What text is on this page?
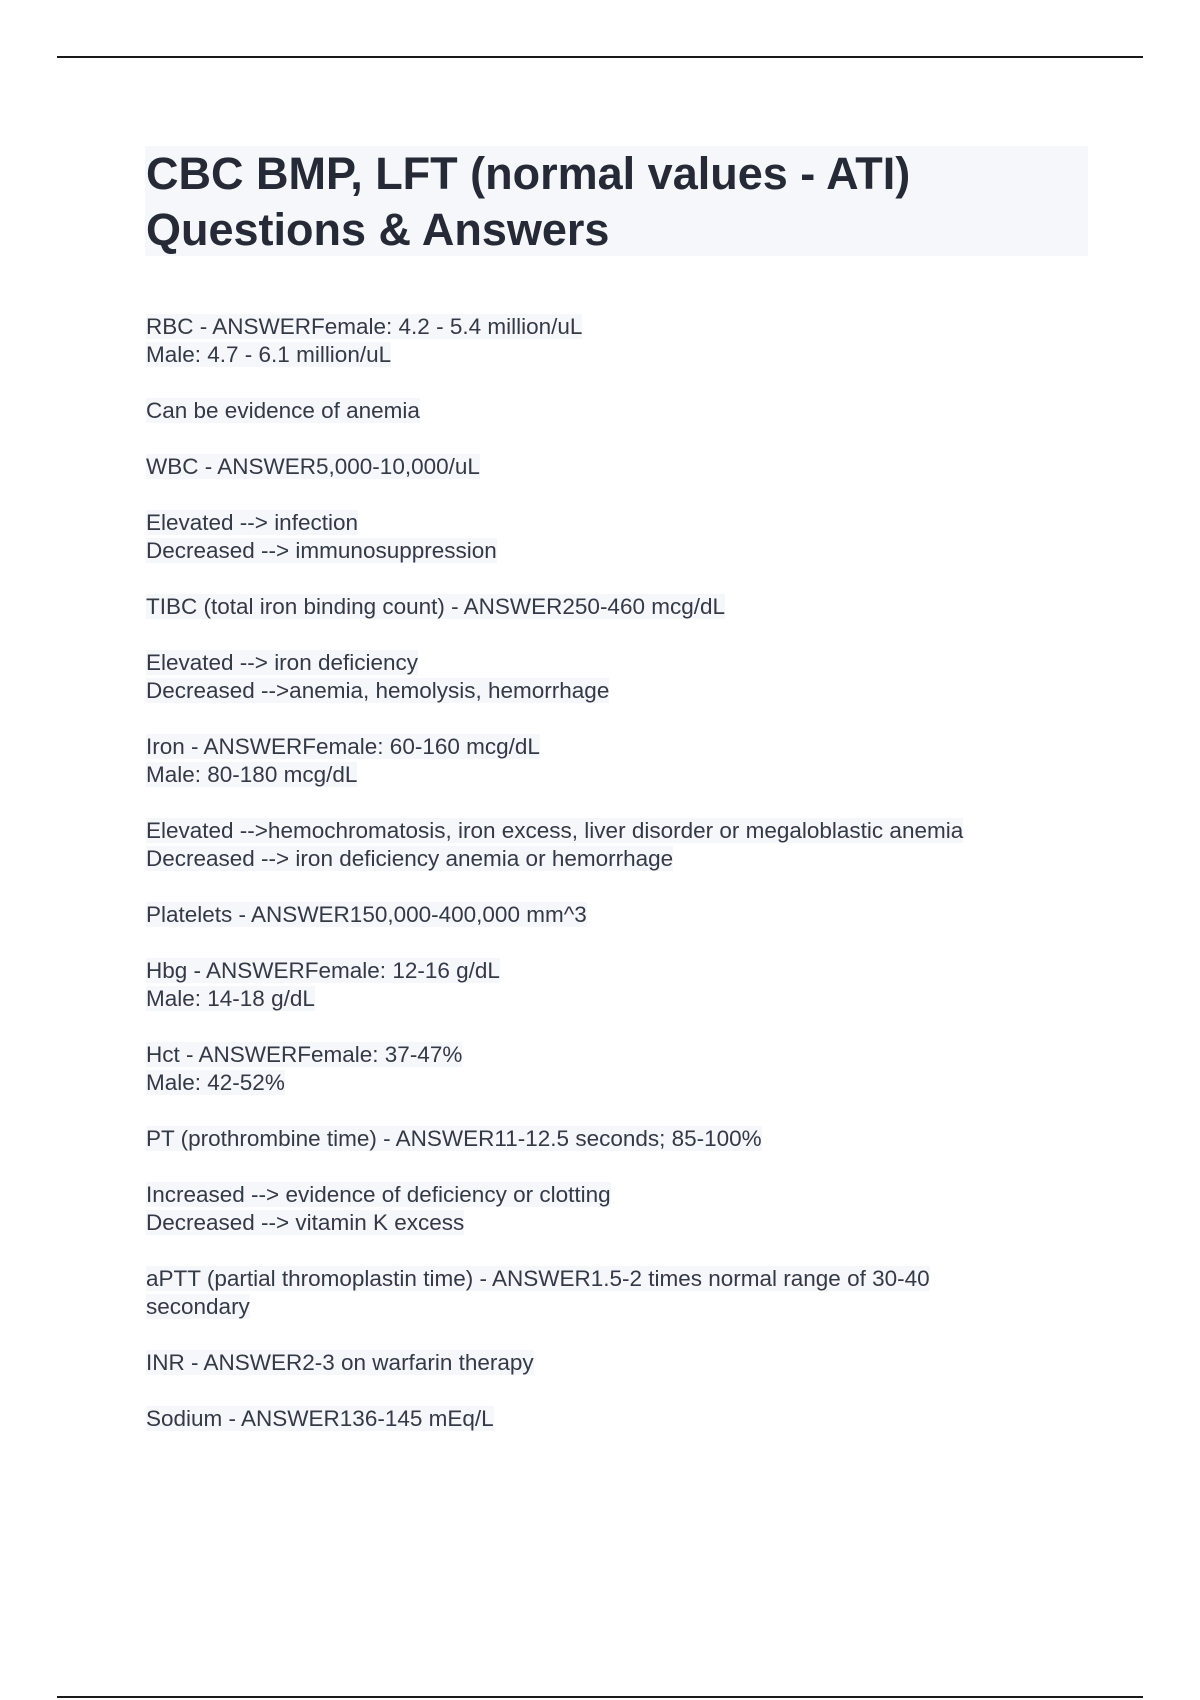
CBC BMP, LFT (normal values - ATI)
Questions & Answers

RBC - ANSWERFemale: 4.2 - 5.4 million/uL
Male: 4.7 - 6.1 million/uL

Can be evidence of anemia

WBC - ANSWER5,000-10,000/uL

Elevated --> infection
Decreased --> immunosuppression

TIBC (total iron binding count) - ANSWER250-460 mcg/dL

Elevated --> iron deficiency
Decreased -->anemia, hemolysis, hemorrhage

Iron - ANSWERFemale: 60-160 mcg/dL
Male: 80-180 mcg/dL

Elevated -->hemochromatosis, iron excess, liver disorder or megaloblastic anemia
Decreased --> iron deficiency anemia or hemorrhage

Platelets - ANSWER150,000-400,000 mm^3

Hbg - ANSWERFemale: 12-16 g/dL
Male: 14-18 g/dL

Hct - ANSWERFemale: 37-47%
Male: 42-52%

PT (prothrombine time) - ANSWER11-12.5 seconds; 85-100%

Increased --> evidence of deficiency or clotting
Decreased --> vitamin K excess

aPTT (partial thromoplastin time) - ANSWER1.5-2 times normal range of 30-40
secondary

INR - ANSWER2-3 on warfarin therapy

Sodium - ANSWER136-145 mEq/L
